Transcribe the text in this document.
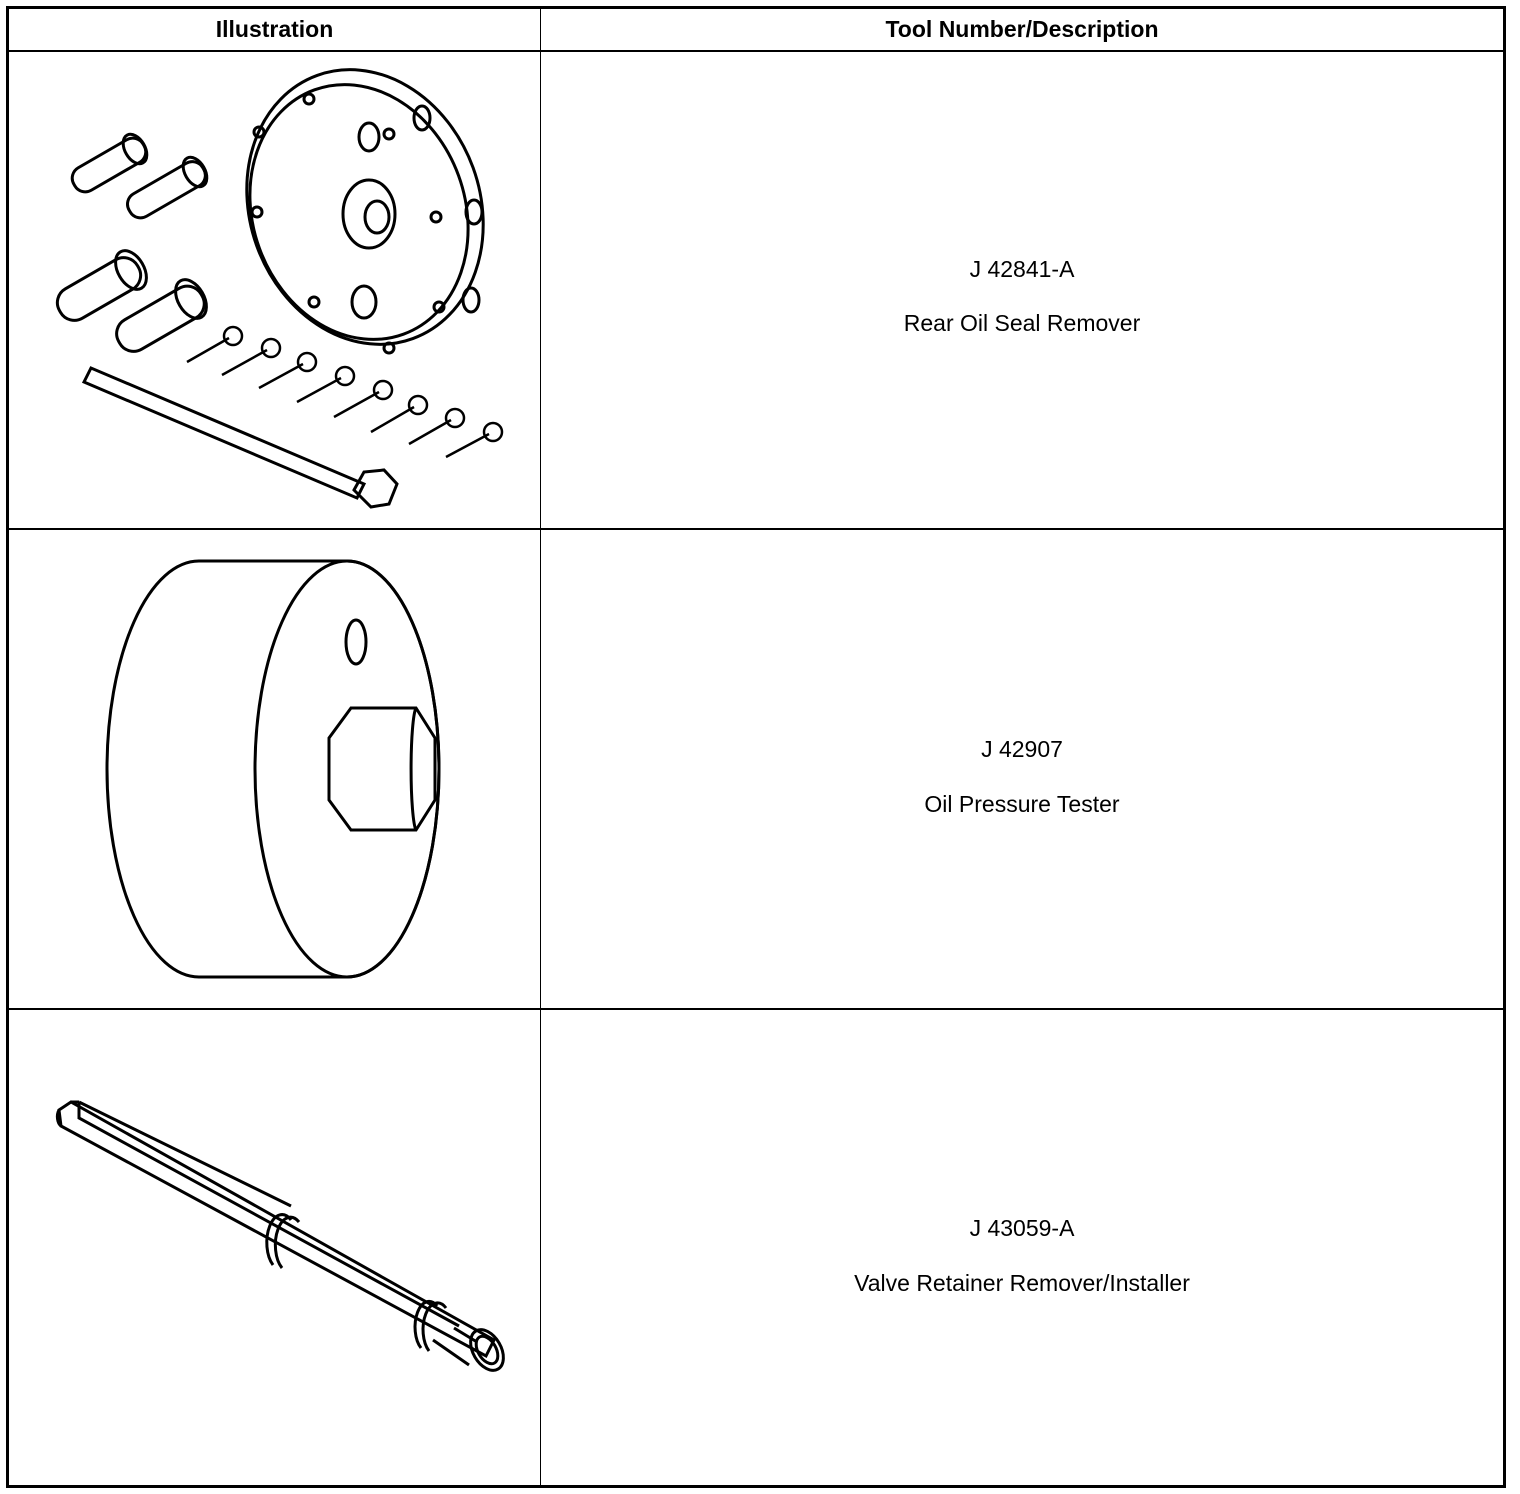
Illustration	Tool Number/Description
J 42841-A
Rear Oil Seal Remover
J 42907
Oil Pressure Tester
J 43059-A
Valve Retainer Remover/Installer
